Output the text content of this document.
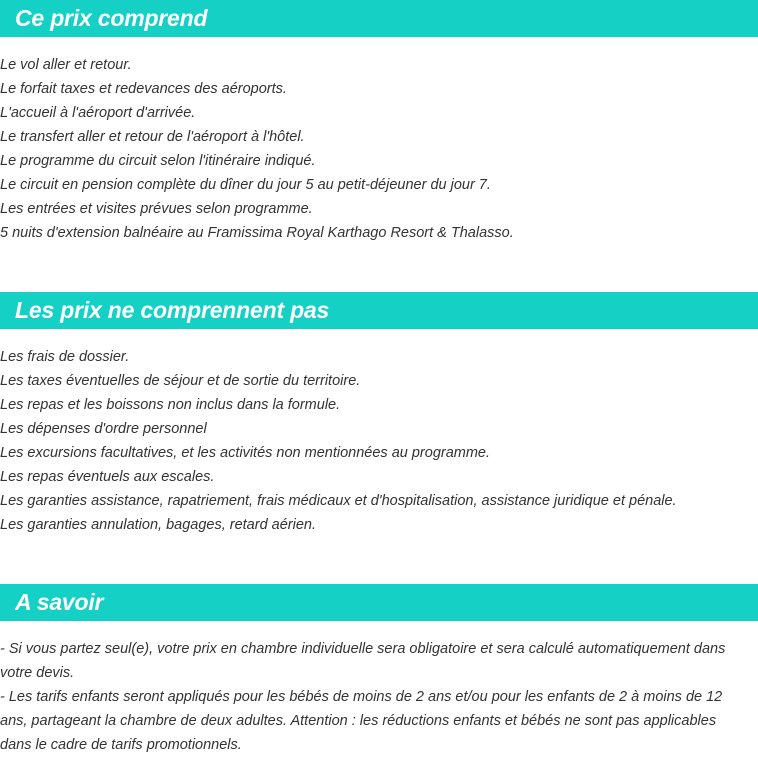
Ce prix comprend

Le vol aller et retour.

Le forfait taxes et redevances des aéroports.

L'accueil à l'aéroport d'arrivée.

Le transfert aller et retour de l'aéroport à l'hôtel.

Le programme du circuit selon l'itinéraire indiqué.

Le circuit en pension complète du dîner du jour 5 au petit-déjeuner du jour 7.

Les entrées et visites prévues selon programme.

5 nuits d'extension balnéaire au Framissima Royal Karthago Resort & Thalasso.

Les prix ne comprennent pas

Les frais de dossier.

Les taxes éventuelles de séjour et de sortie du territoire.

Les repas et les boissons non inclus dans la formule.

Les dépenses d'ordre personnel

Les excursions facultatives, et les activités non mentionnées au programme.

Les repas éventuels aux escales.

Les garanties assistance, rapatriement, frais médicaux et d'hospitalisation, assistance juridique et pénale.

Les garanties annulation, bagages, retard aérien.

A savoir

- Si vous partez seul(e), votre prix en chambre individuelle sera obligatoire et sera calculé automatiquement dans votre devis.

- Les tarifs enfants seront appliqués pour les bébés de moins de 2 ans et/ou pour les enfants de 2 à moins de 12 ans, partageant la chambre de deux adultes. Attention : les réductions enfants et bébés ne sont pas applicables dans le cadre de tarifs promotionnels.
